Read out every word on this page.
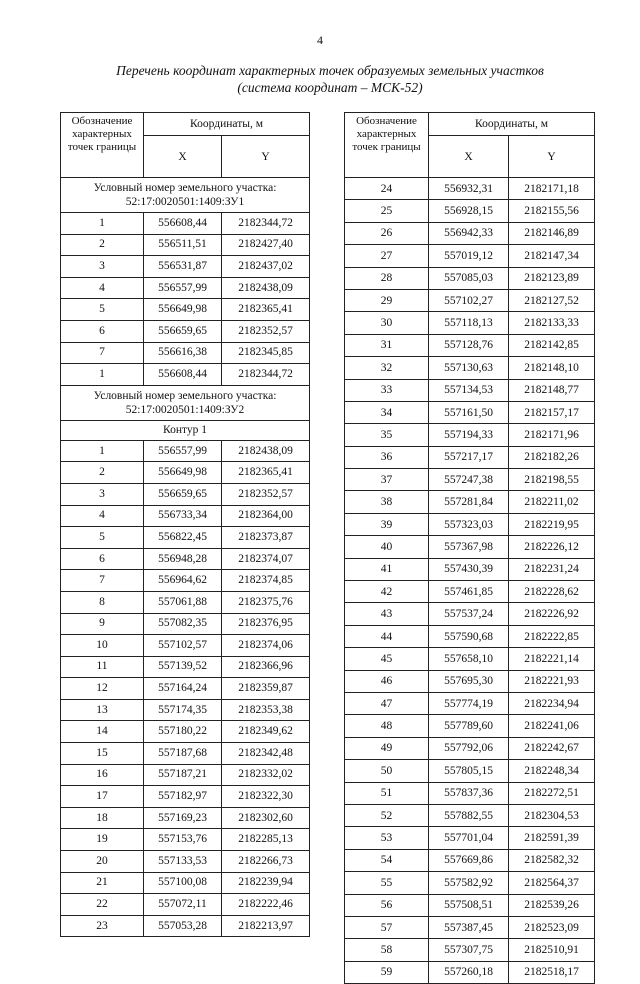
4
Перечень координат характерных точек образуемых земельных участков
(система координат – МСК-52)
Обозначение характерных точек границы	Координаты, м	
	X	Y
Условный номер земельного участка: 52:17:0020501:1409:ЗУ1		
1	556608,44	2182344,72
2	556511,51	2182427,40
3	556531,87	2182437,02
4	556557,99	2182438,09
5	556649,98	2182365,41
6	556659,65	2182352,57
7	556616,38	2182345,85
1	556608,44	2182344,72
Условный номер земельного участка: 52:17:0020501:1409:ЗУ2		
Контур 1		
1	556557,99	2182438,09
2	556649,98	2182365,41
3	556659,65	2182352,57
4	556733,34	2182364,00
5	556822,45	2182373,87
6	556948,28	2182374,07
7	556964,62	2182374,85
8	557061,88	2182375,76
9	557082,35	2182376,95
10	557102,57	2182374,06
11	557139,52	2182366,96
12	557164,24	2182359,87
13	557174,35	2182353,38
14	557180,22	2182349,62
15	557187,68	2182342,48
16	557187,21	2182332,02
17	557182,97	2182322,30
18	557169,23	2182302,60
19	557153,76	2182285,13
20	557133,53	2182266,73
21	557100,08	2182239,94
22	557072,11	2182222,46
23	557053,28	2182213,97
Обозначение характерных точек границы	Координаты, м	
	X	Y
24	556932,31	2182171,18
25	556928,15	2182155,56
26	556942,33	2182146,89
27	557019,12	2182147,34
28	557085,03	2182123,89
29	557102,27	2182127,52
30	557118,13	2182133,33
31	557128,76	2182142,85
32	557130,63	2182148,10
33	557134,53	2182148,77
34	557161,50	2182157,17
35	557194,33	2182171,96
36	557217,17	2182182,26
37	557247,38	2182198,55
38	557281,84	2182211,02
39	557323,03	2182219,95
40	557367,98	2182226,12
41	557430,39	2182231,24
42	557461,85	2182228,62
43	557537,24	2182226,92
44	557590,68	2182222,85
45	557658,10	2182221,14
46	557695,30	2182221,93
47	557774,19	2182234,94
48	557789,60	2182241,06
49	557792,06	2182242,67
50	557805,15	2182248,34
51	557837,36	2182272,51
52	557882,55	2182304,53
53	557701,04	2182591,39
54	557669,86	2182582,32
55	557582,92	2182564,37
56	557508,51	2182539,26
57	557387,45	2182523,09
58	557307,75	2182510,91
59	557260,18	2182518,17
